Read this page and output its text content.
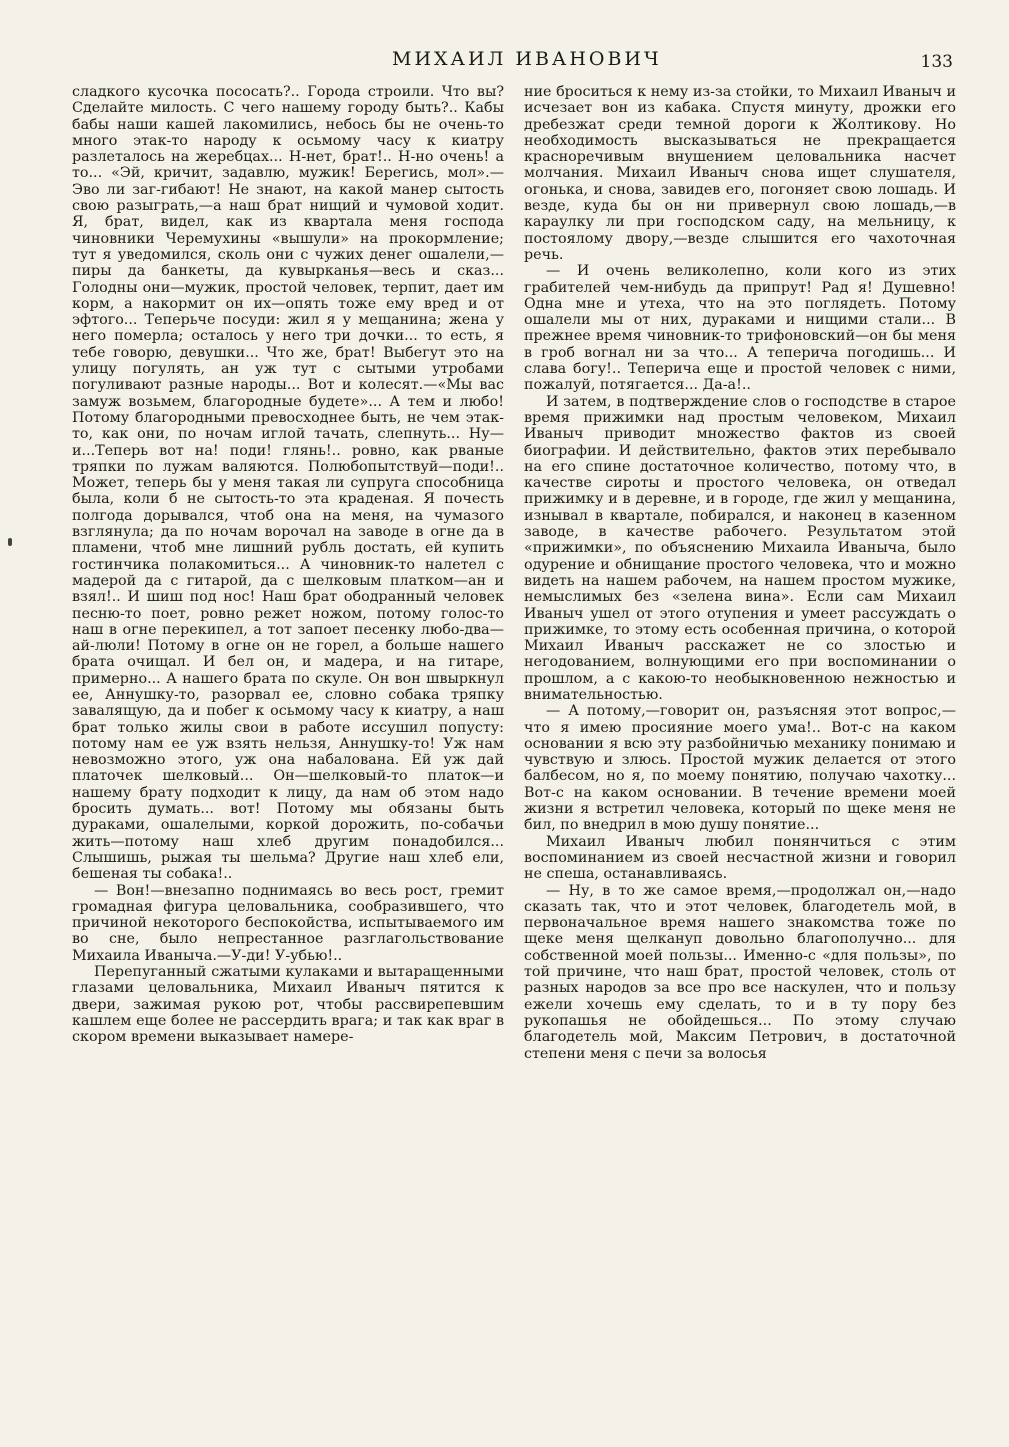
МИХАИЛ ИВАНОВИЧ	133

сладкого кусочка пососать?.. Города строили. Что вы? Сделайте милость. С чего нашему городу быть?.. Кабы бабы наши кашей лакомились, небось бы не очень-то много этак-то народу к осьмому часу к киатру разлеталось на жеребцах... Н-нет, брат!.. Н-но очень! а то... «Эй, кричит, задавлю, мужик! Берегись, мол».—Эво ли заг-гибают! Не знают, на какой манер сытость свою разыграть,—а наш брат нищий и чумовой ходит. Я, брат, видел, как из квартала меня господа чиновники Черемухины «вышули» на прокормление; тут я уведомился, сколь они с чужих денег ошалели,— пиры да банкеты, да кувырканья—весь и сказ... Голодны они—мужик, простой человек, терпит, дает им корм, а накормит он их—опять тоже ему вред и от эфтого... Теперьче посуди: жил я у мещанина; жена у него померла; осталось у него три дочки... то есть, я тебе говорю, девушки... Что же, брат! Выбегут это на улицу погулять, ан уж тут с сытыми утробами погуливают разные народы... Вот и колесят.—«Мы вас замуж возьмем, благородные будете»... А тем и любо! Потому благородными превосходнее быть, не чем этак-то, как они, по ночам иглой тачать, слепнуть... Ну—и...Теперь вот на! поди! глянь!.. ровно, как рваные тряпки по лужам валяются. Полюбопытствуй—поди!.. Может, теперь бы у меня такая ли супруга способница была, коли б не сытость-то эта краденая. Я почесть полгода дорывался, чтоб она на меня, на чумазого взглянула; да по ночам ворочал на заводе в огне да в пламени, чтоб мне лишний рубль достать, ей купить гостинчика полакомиться... А чиновник-то налетел с мадерой да с гитарой, да с шелковым платком—ан и взял!.. И шиш под нос! Наш брат ободранный человек песню-то поет, ровно режет ножом, потому голос-то наш в огне перекипел, а тот запоет песенку любо-два—ай-люли! Потому в огне он не горел, а больше нашего брата очищал. И бел он, и мадера, и на гитаре, примерно... А нашего брата по скуле. Он вон швыркнул ее, Аннушку-то, разорвал ее, словно собака тряпку завалящую, да и побег к осьмому часу к киатру, а наш брат только жилы свои в работе иссушил попусту: потому нам ее уж взять нельзя, Аннушку-то! Уж нам невозможно этого, уж она набалована. Ей уж дай платочек шелковый... Он—шелковый-то платок—и нашему брату подходит к лицу, да нам об этом надо бросить думать... вот! Потому мы обязаны быть дураками, ошалелыми, коркой дорожить, по-собачьи жить—потому наш хлеб другим понадобился... Слышишь, рыжая ты шельма? Другие наш хлеб ели, бешеная ты собака!..

— Вон!—внезапно поднимаясь во весь рост, гремит громадная фигура целовальника, сообразившего, что причиной некоторого беспокойства, испытываемого им во сне, было непрестанное разглагольствование Михаила Иваныча.—У-ди! У-убью!..

Перепуганный сжатыми кулаками и вытаращенными глазами целовальника, Михаил Иваныч пятится к двери, зажимая рукою рот, чтобы рассвирепевшим кашлем еще более не рассердить врага; и так как враг в скором времени выказывает намере-

ние броситься к нему из-за стойки, то Михаил Иваныч и исчезает вон из кабака. Спустя минуту, дрожки его дребезжат среди темной дороги к Жолтикову. Но необходимость высказываться не прекращается красноречивым внушением целовальника насчет молчания. Михаил Иваныч снова ищет слушателя, огонька, и снова, завидев его, погоняет свою лошадь. И везде, куда бы он ни привернул свою лошадь,—в караулку ли при господском саду, на мельницу, к постоялому двору,—везде слышится его чахоточная речь.

— И очень великолепно, коли кого из этих грабителей чем-нибудь да припрут! Рад я! Душевно! Одна мне и утеха, что на это поглядеть. Потому ошалели мы от них, дураками и нищими стали... В прежнее время чиновник-то трифоновский—он бы меня в гроб вогнал ни за что... А теперича погодишь... И слава богу!.. Теперича еще и простой человек с ними, пожалуй, потягается... Да-а!..

И затем, в подтверждение слов о господстве в старое время прижимки над простым человеком, Михаил Иваныч приводит множество фактов из своей биографии. И действительно, фактов этих перебывало на его спине достаточное количество, потому что, в качестве сироты и простого человека, он отведал прижимку и в деревне, и в городе, где жил у мещанина, изнывал в квартале, побирался, и наконец в казенном заводе, в качестве рабочего. Результатом этой «прижимки», по объяснению Михаила Иваныча, было одурение и обнищание простого человека, что и можно видеть на нашем рабочем, на нашем простом мужике, немыслимых без «зелена вина». Если сам Михаил Иваныч ушел от этого отупения и умеет рассуждать о прижимке, то этому есть особенная причина, о которой Михаил Иваныч расскажет не со злостью и негодованием, волнующими его при воспоминании о прошлом, а с какою-то необыкновенною нежностью и внимательностью.

— А потому,—говорит он, разъясняя этот вопрос,—что я имею просияние моего ума!.. Вот-с на каком основании я всю эту разбойничью механику понимаю и чувствую и злюсь. Простой мужик делается от этого балбесом, но я, по моему понятию, получаю чахотку... Вот-с на каком основании. В течение времени моей жизни я встретил человека, который по щеке меня не бил, по внедрил в мою душу понятие...

Михаил Иваныч любил понянчиться с этим воспоминанием из своей несчастной жизни и говорил не спеша, останавливаясь.

— Ну, в то же самое время,—продолжал он,—надо сказать так, что и этот человек, благодетель мой, в первоначальное время нашего знакомства тоже по щеке меня щелкануп довольно благополучно... для собственной моей пользы... Именно-с «для пользы», по той причине, что наш брат, простой человек, столь от разных народов за все про все наскулен, что и пользу ежели хочешь ему сделать, то и в ту пору без рукопашья не обойдешься... По этому случаю благодетель мой, Максим Петрович, в достаточной степени меня с печи за волосья
